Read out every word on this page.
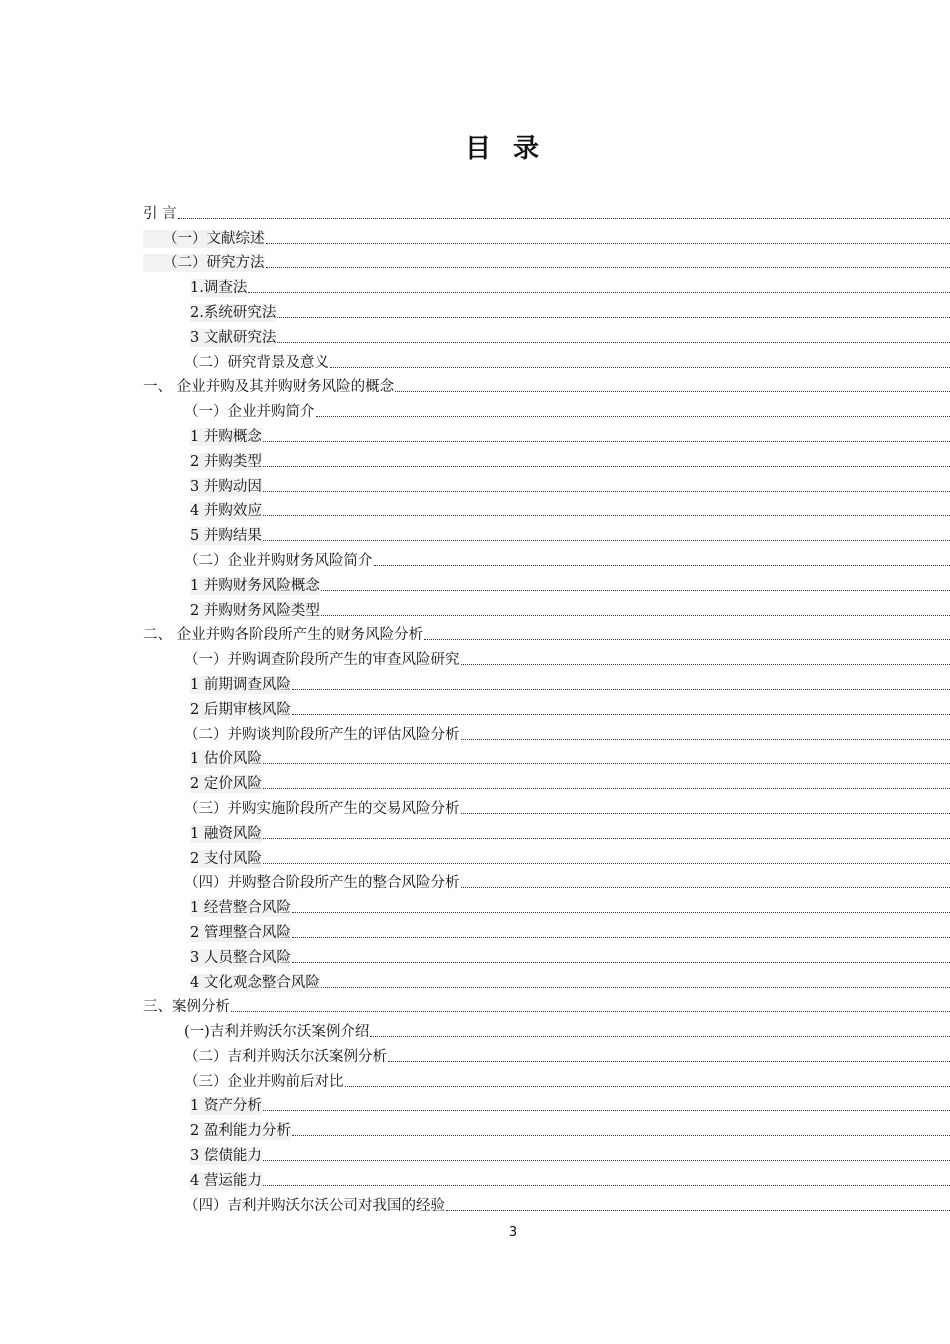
目 录
引 言
（一）文献综述
（二）研究方法
1.调查法
2.系统研究法
3 文献研究法
（二）研究背景及意义
一、 企业并购及其并购财务风险的概念
（一）企业并购简介
1 并购概念
2 并购类型
3 并购动因
4 并购效应
5 并购结果
（二）企业并购财务风险简介
1 并购财务风险概念
2 并购财务风险类型
二、 企业并购各阶段所产生的财务风险分析
（一）并购调查阶段所产生的审查风险研究
1 前期调查风险
2 后期审核风险
（二）并购谈判阶段所产生的评估风险分析
1 估价风险
2 定价风险
（三）并购实施阶段所产生的交易风险分析
1 融资风险
2 支付风险
（四）并购整合阶段所产生的整合风险分析
1 经营整合风险
2 管理整合风险
3 人员整合风险
4 文化观念整合风险
三、案例分析
(一)吉利并购沃尔沃案例介绍
（二）吉利并购沃尔沃案例分析
（三）企业并购前后对比
1 资产分析
2 盈利能力分析
3 偿债能力
4 营运能力
（四）吉利并购沃尔沃公司对我国的经验
3
